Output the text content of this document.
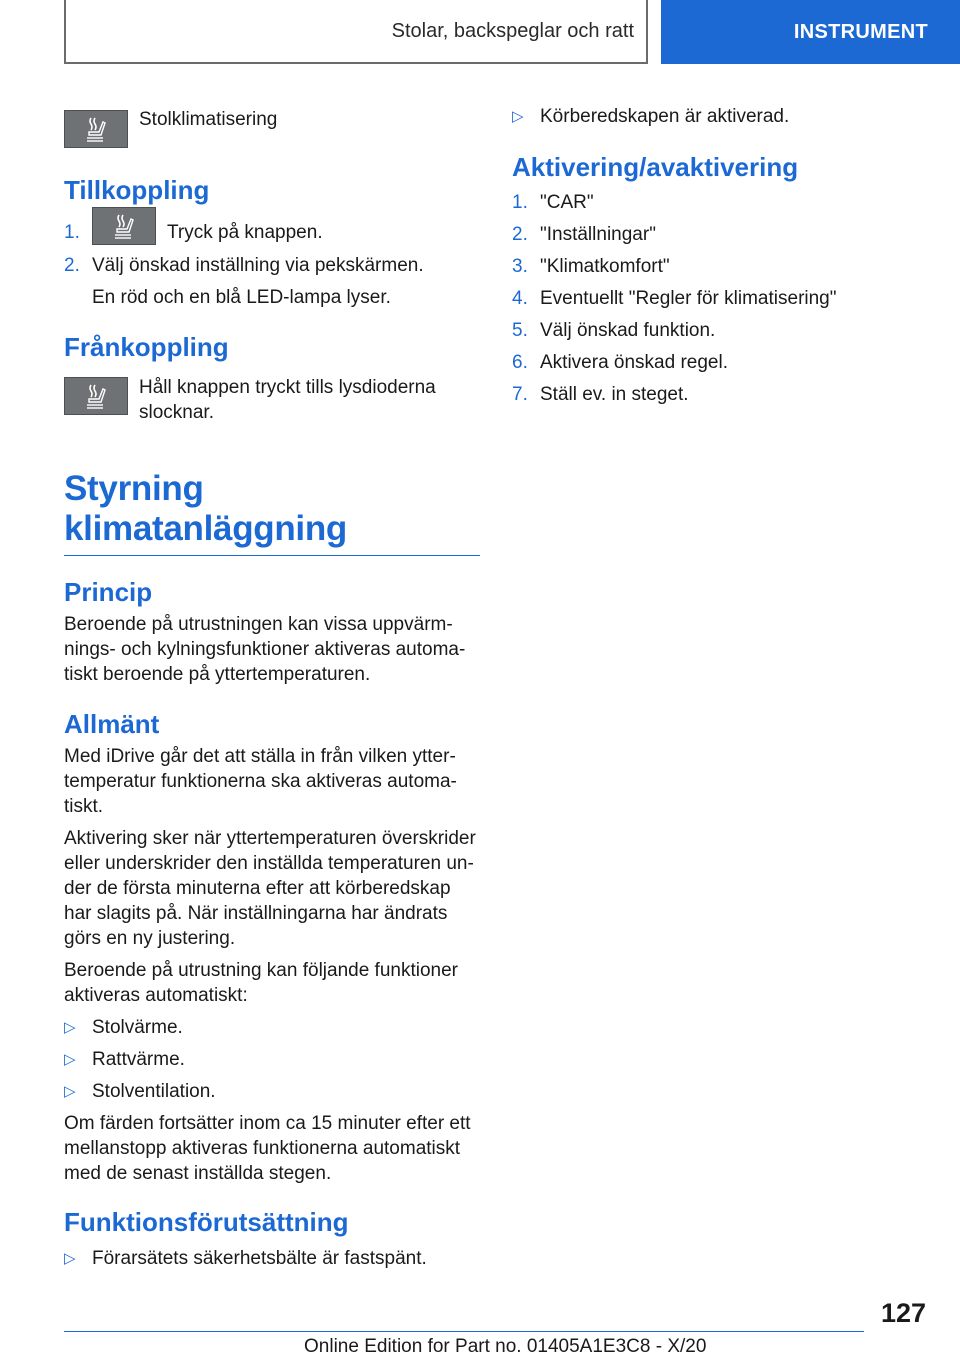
Stolar, backspeglar och ratt	INSTRUMENT

Stolklimatisering

Tillkoppling
1.	Tryck på knappen.

2. Välj önskad inställning via pekskärmen.

En röd och en blå LED-lampa lyser.

Frånkoppling

Håll knappen tryckt tills lysdioderna slocknar.

Styrning klimatanläggning
Princip

Beroende på utrustningen kan vissa uppvärmnings- och kylningsfunktioner aktiveras automatiskt beroende på yttertemperaturen.

Allmänt

Med iDrive går det att ställa in från vilken yttertemperatur funktionerna ska aktiveras automatiskt.

Aktivering sker när yttertemperaturen överskrider eller underskrider den inställda temperaturen under de första minuterna efter att körberedskap har slagits på. När inställningarna har ändrats görs en ny justering.

Beroende på utrustning kan följande funktioner aktiveras automatiskt:

▷ Stolvärme.

▷ Rattvärme.

▷ Stolventilation.

Om färden fortsätter inom ca 15 minuter efter ett mellanstopp aktiveras funktionerna automatiskt med de senast inställda stegen.

Funktionsförutsättning
▷ Förarsätets säkerhetsbälte är fastspänt.

▷ Körberedskapen är aktiverad.

Aktivering/avaktivering
1. "CAR"

2. "Inställningar"

3. "Klimatkomfort"

4. Eventuellt "Regler för klimatisering"

5. Välj önskad funktion.

6. Aktivera önskad regel.

7. Ställ ev. in steget.

127
Online Edition for Part no. 01405A1E3C8 - X/20
